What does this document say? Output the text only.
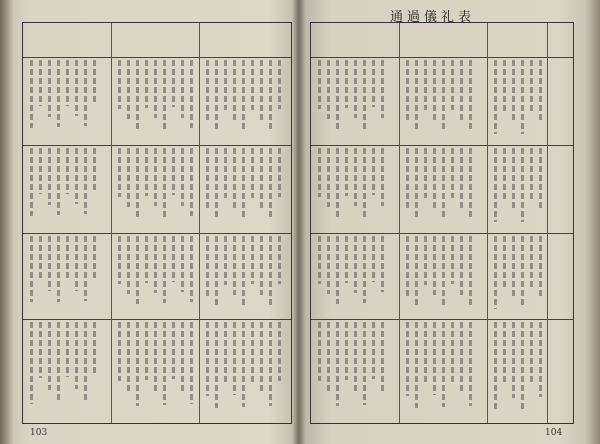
通過儀礼表
103	104
